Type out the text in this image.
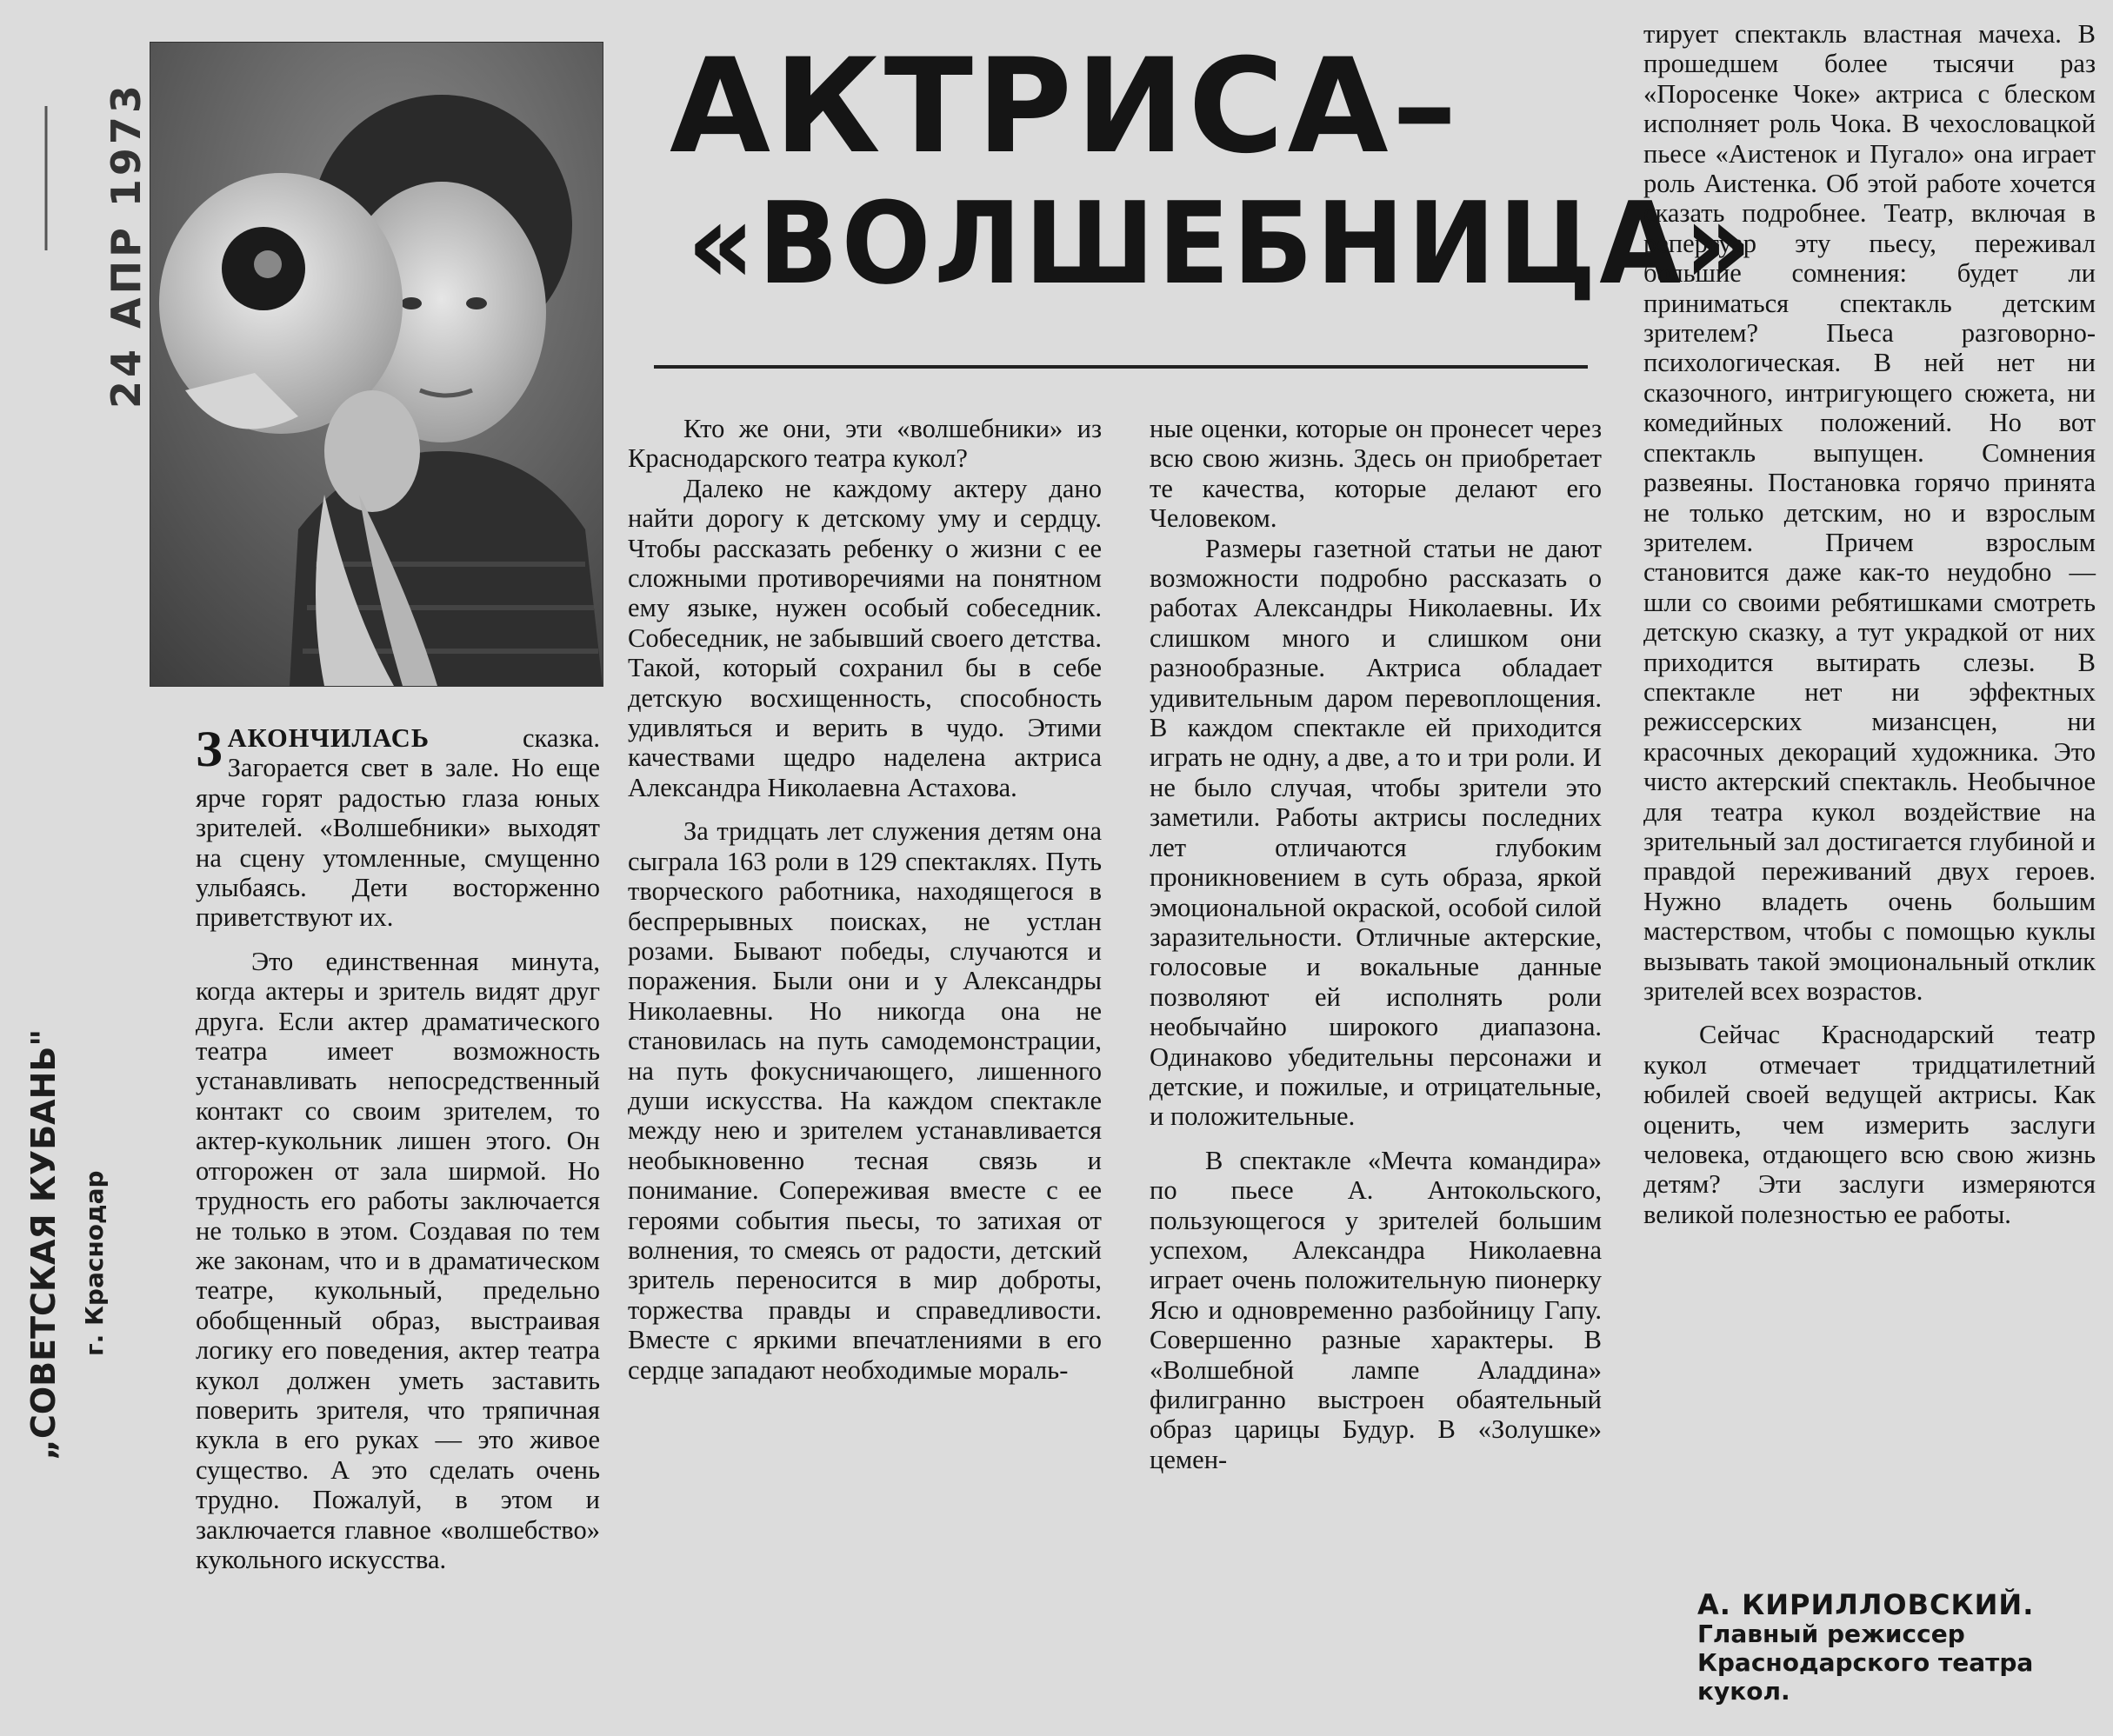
24 АПР 1973
„СОВЕТСКАЯ КУБАНЬ" г. Краснодар
АКТРИСА–
«ВОЛШЕБНИЦА»

ЗАКОНЧИЛАСЬ сказка. Загорается свет в зале. Но еще ярче горят радостью глаза юных зрителей. «Волшебники» выходят на сцену утомленные, смущенно улыбаясь. Дети восторженно приветствуют их.

Это единственная минута, когда актеры и зритель видят друг друга. Если актер драматического театра имеет возможность устанавливать непосредственный контакт со своим зрителем, то актер-кукольник лишен этого. Он отгорожен от зала ширмой. Но трудность его работы заключается не только в этом. Создавая по тем же законам, что и в драматическом театре, кукольный, предельно обобщенный образ, выстраивая логику его поведения, актер театра кукол должен уметь заставить поверить зрителя, что тряпичная кукла в его руках — это живое существо. А это сделать очень трудно. Пожалуй, в этом и заключается главное «волшебство» кукольного искусства.

Кто же они, эти «волшебники» из Краснодарского театра кукол?

Далеко не каждому актеру дано найти дорогу к детскому уму и сердцу. Чтобы рассказать ребенку о жизни с ее сложными противоречиями на понятном ему языке, нужен особый собеседник. Собеседник, не забывший своего детства. Такой, который сохранил бы в себе детскую восхищенность, способность удивляться и верить в чудо. Этими качествами щедро наделена актриса Александра Николаевна Астахова.

За тридцать лет служения детям она сыграла 163 роли в 129 спектаклях. Путь творческого работника, находящегося в беспрерывных поисках, не устлан розами. Бывают победы, случаются и поражения. Были они и у Александры Николаевны. Но никогда она не становилась на путь самодемонстрации, на путь фокусничающего, лишенного души искусства. На каждом спектакле между нею и зрителем устанавливается необыкновенно тесная связь и понимание. Сопереживая вместе с ее героями события пьесы, то затихая от волнения, то смеясь от радости, детский зритель переносится в мир доброты, торжества правды и справедливости. Вместе с яркими впечатлениями в его сердце западают необходимые мораль-

ные оценки, которые он пронесет через всю свою жизнь. Здесь он приобретает те качества, которые делают его Человеком.

Размеры газетной статьи не дают возможности подробно рассказать о работах Александры Николаевны. Их слишком много и слишком они разнообразные. Актриса обладает удивительным даром перевоплощения. В каждом спектакле ей приходится играть не одну, а две, а то и три роли. И не было случая, чтобы зрители это заметили. Работы актрисы последних лет отличаются глубоким проникновением в суть образа, яркой эмоциональной окраской, особой силой заразительности. Отличные актерские, голосовые и вокальные данные позволяют ей исполнять роли необычайно широкого диапазона. Одинаково убедительны персонажи и детские, и пожилые, и отрицательные, и положительные.

В спектакле «Мечта командира» по пьесе А. Антокольского, пользующегося у зрителей большим успехом, Александра Николаевна играет очень положительную пионерку Ясю и одновременно разбойницу Гапу. Совершенно разные характеры. В «Волшебной лампе Аладдина» филигранно выстроен обаятельный образ царицы Будур. В «Золушке» цемен-

тирует спектакль властная мачеха. В прошедшем более тысячи раз «Поросенке Чоке» актриса с блеском исполняет роль Чока. В чехословацкой пьесе «Аистенок и Пугало» она играет роль Аистенка. Об этой работе хочется сказать подробнее. Театр, включая в репертуар эту пьесу, переживал большие сомнения: будет ли приниматься спектакль детским зрителем? Пьеса разговорно-психологическая. В ней нет ни сказочного, интригующего сюжета, ни комедийных положений. Но вот спектакль выпущен. Сомнения развеяны. Постановка горячо принята не только детским, но и взрослым зрителем. Причем взрослым становится даже как-то неудобно — шли со своими ребятишками смотреть детскую сказку, а тут украдкой от них приходится вытирать слезы. В спектакле нет ни эффектных режиссерских мизансцен, ни красочных декораций художника. Это чисто актерский спектакль. Необычное для театра кукол воздействие на зрительный зал достигается глубиной и правдой переживаний двух героев. Нужно владеть очень большим мастерством, чтобы с помощью куклы вызывать такой эмоциональный отклик зрителей всех возрастов.

Сейчас Краснодарский театр кукол отмечает тридцатилетний юбилей своей ведущей актрисы. Как оценить, чем измерить заслуги человека, отдающего всю свою жизнь детям? Эти заслуги измеряются великой полезностью ее работы.

А. КИРИЛЛОВСКИЙ.
Главный режиссер
Краснодарского театра кукол.
